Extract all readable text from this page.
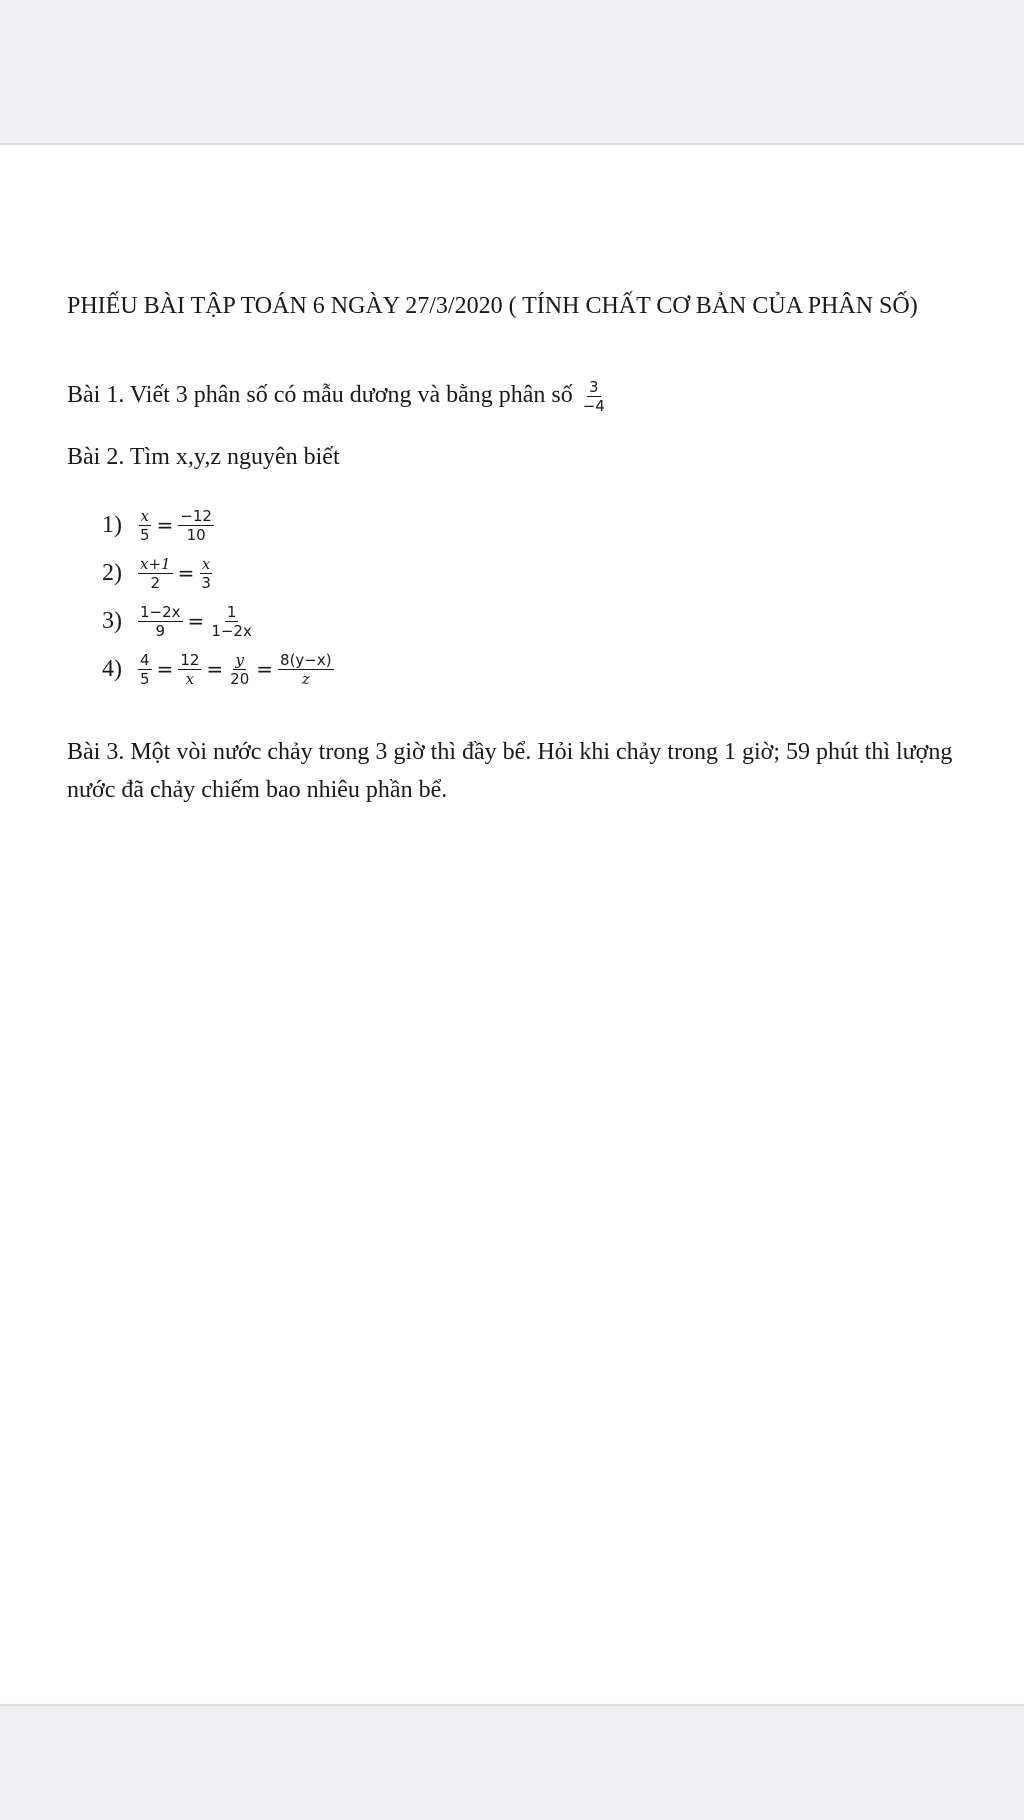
PHIẾU BÀI TẬP TOÁN 6 NGÀY 27/3/2020 ( TÍNH CHẤT CƠ BẢN CỦA PHÂN SỐ)
Bài 1. Viết 3 phân số có mẫu dương và bằng phân số $\frac{3}{-4}$
Bài 2. Tìm x,y,z nguyên biết
1)	$\frac{x}{5} = \frac{-12}{10}$
2)	$\frac{x+1}{2} = \frac{x}{3}$
3)	$\frac{1-2x}{9} = \frac{1}{1-2x}$
4)	$\frac{4}{5} = \frac{12}{x} = \frac{y}{20} = \frac{8(y-x)}{z}$
Bài 3. Một vòi nước chảy trong 3 giờ thì đầy bể. Hỏi khi chảy trong 1 giờ; 59 phút thì lượng nước đã chảy chiếm bao nhiêu phần bể.
